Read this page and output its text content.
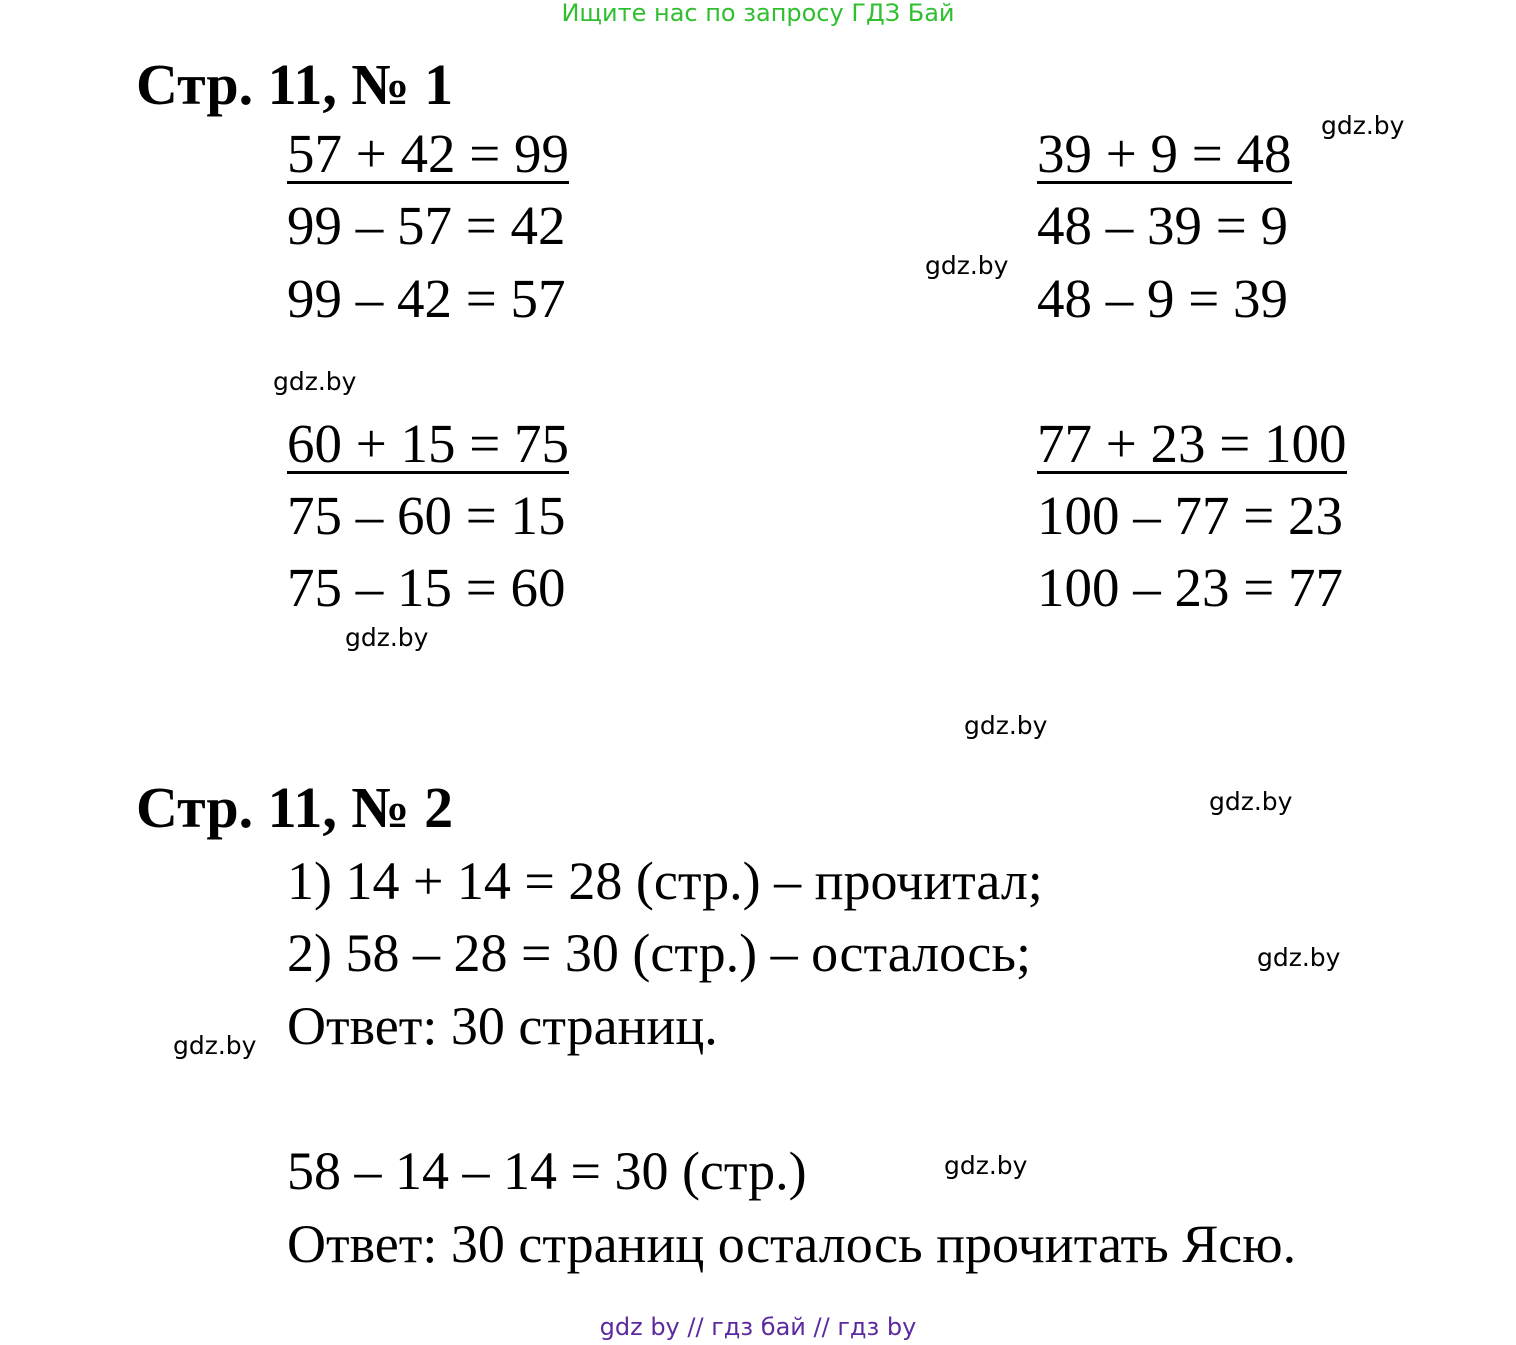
Ищите нас по запросу ГДЗ Бай
Стр. 11, № 1
57 + 42 = 99
99 – 57 = 42
99 – 42 = 57
39 + 9 = 48
48 – 39 = 9
48 – 9 = 39
60 + 15 = 75
75 – 60 = 15
75 – 15 = 60
77 + 23 = 100
100 – 77 = 23
100 – 23 = 77
Стр. 11, № 2
1) 14 + 14 = 28 (стр.) – прочитал;
2) 58 – 28 = 30 (стр.) – осталось;
Ответ: 30 страниц.
58 – 14 – 14 = 30 (стр.)
Ответ: 30 страниц осталось прочитать Ясю.
gdz.by
gdz.by
gdz.by
gdz.by
gdz.by
gdz.by
gdz.by
gdz.by
gdz.by
gdz by // гдз бай // гдз by
